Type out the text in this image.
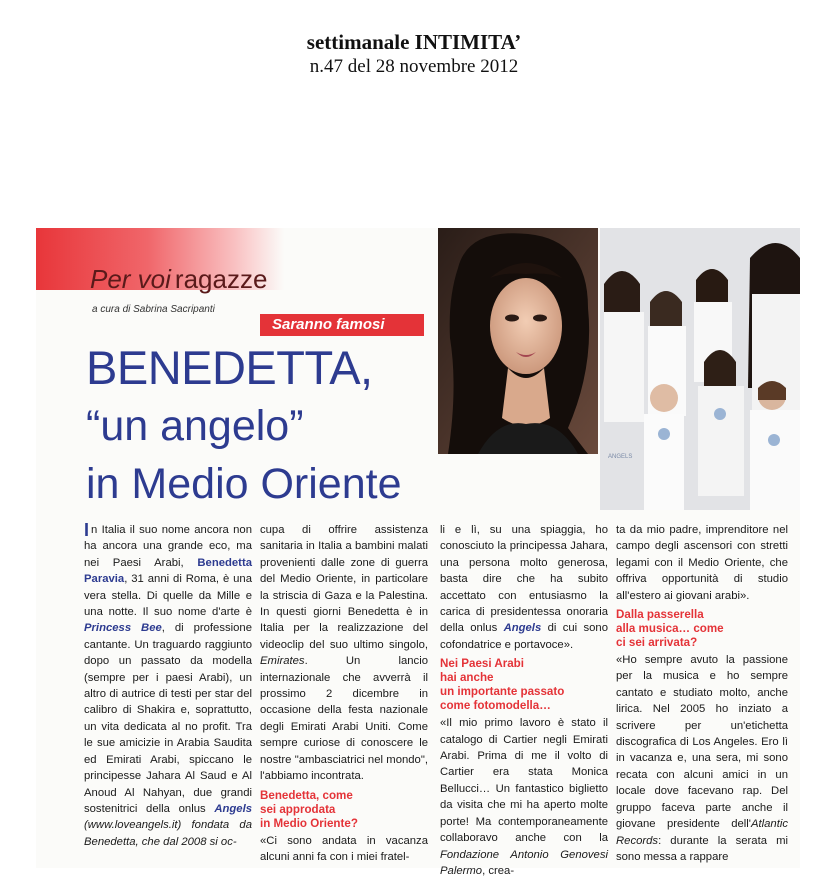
settimanale INTIMITA’
n.47 del 28 novembre 2012
Per voi ragazze
a cura di Sabrina Sacripanti
Saranno famosi
BENEDETTA,
“un angelo”
in Medio Oriente
ANGELS

In Italia il suo nome ancora non ha ancora una grande eco, ma nei Paesi Arabi, Benedetta Paravia, 31 anni di Roma, è una vera stella. Di quelle da Mille e una notte. Il suo nome d'arte è Princess Bee, di professione cantante. Un traguardo raggiunto dopo un passato da modella (sempre per i paesi Arabi), un altro di autrice di testi per star del calibro di Shakira e, soprattutto, un vita dedicata al no profit. Tra le sue amicizie in Arabia Saudita ed Emirati Arabi, spiccano le principesse Jahara Al Saud e Al Anoud Al Nahyan, due grandi sostenitrici della onlus Angels (www.loveangels.it) fondata da Benedetta, che dal 2008 si oc-

cupa di offrire assistenza sanitaria in Italia a bambini malati provenienti dalle zone di guerra del Medio Oriente, in particolare la striscia di Gaza e la Palestina. In questi giorni Benedetta è in Italia per la realizzazione del videoclip del suo ultimo singolo, Emirates. Un lancio internazionale che avverrà il prossimo 2 dicembre in occasione della festa nazionale degli Emirati Arabi Uniti. Come sempre curiose di conoscere le nostre "ambasciatrici nel mondo", l'abbiamo incontrata.

Benedetta, come
sei approdata
in Medio Oriente?

«Ci sono andata in vacanza alcuni anni fa con i miei fratel-

li e lì, su una spiaggia, ho conosciuto la principessa Jahara, una persona molto generosa, basta dire che ha subito accettato con entusiasmo la carica di presidentessa onoraria della onlus Angels di cui sono cofondatrice e portavoce».

Nei Paesi Arabi
hai anche
un importante passato
come fotomodella…

«Il mio primo lavoro è stato il catalogo di Cartier negli Emirati Arabi. Prima di me il volto di Cartier era stata Monica Bellucci… Un fantastico biglietto da visita che mi ha aperto molte porte! Ma contemporaneamente collaboravo anche con la Fondazione Antonio Genovesi Palermo, crea-

ta da mio padre, imprenditore nel campo degli ascensori con stretti legami con il Medio Oriente, che offriva opportunità di studio all'estero ai giovani arabi».

Dalla passerella
alla musica… come
ci sei arrivata?

«Ho sempre avuto la passione per la musica e ho sempre cantato e studiato molto, anche lirica. Nel 2005 ho inziato a scrivere per un'etichetta discografica di Los Angeles. Ero lì in vacanza e, una sera, mi sono recata con alcuni amici in un locale dove facevano rap. Del gruppo faceva parte anche il giovane presidente dell'Atlantic Records: durante la serata mi sono messa a rappare
